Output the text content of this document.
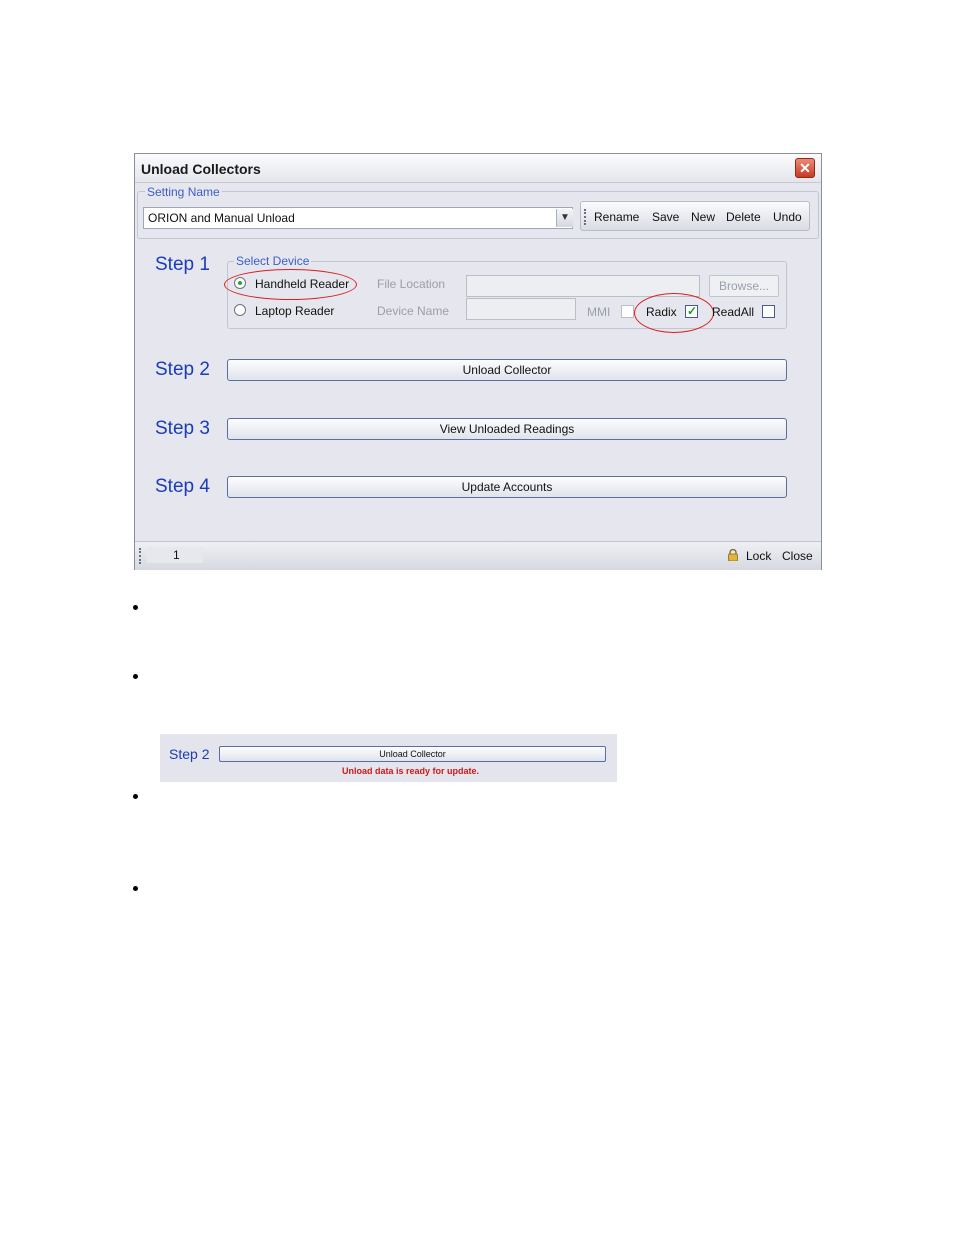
Unload Collectors	✕
Setting Name
ORION and Manual Unload	▼ Rename Save New Delete Undo
Step 1
Step 2
Step 3
Step 4
Select Device
Handheld Reader
Laptop Reader
File Location	Browse...
Device Name	MMI	Radix ✓ ReadAll
Unload Collector
View Unloaded Readings
Update Accounts
1	Lock Close
Step 2	Unload Collector
Unload data is ready for update.
